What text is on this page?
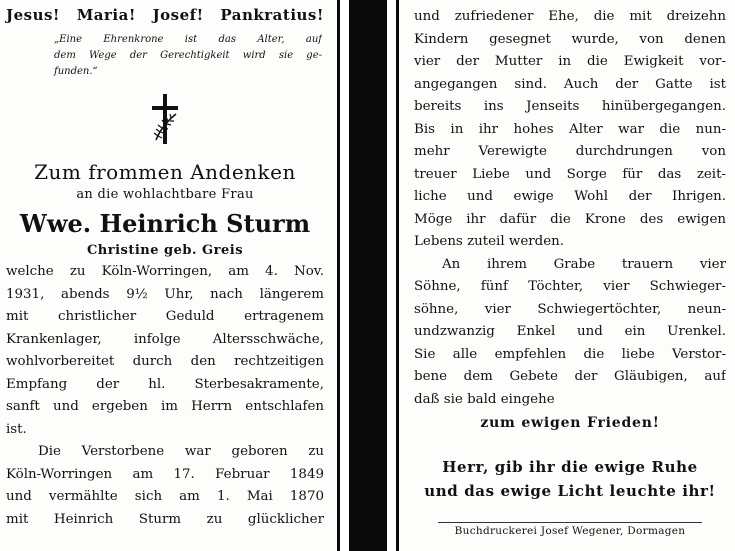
Jesus! Maria! Josef! Pankratius!
„Eine Ehrenkrone ist das Alter, auf
dem Wege der Gerechtigkeit wird sie ge-
funden.“
Zum frommen Andenken
an die wohlachtbare Frau
Wwe. Heinrich Sturm
Christine geb. Greis
welche zu Köln-Worringen, am 4. Nov.
1931, abends 9½ Uhr, nach längerem
mit christlicher Geduld ertragenem
Krankenlager, infolge Altersschwäche,
wohlvorbereitet durch den rechtzeitigen
Empfang der hl. Sterbesakramente,
sanft und ergeben im Herrn entschlafen
ist.
Die Verstorbene war geboren zu
Köln-Worringen am 17. Februar 1849
und vermählte sich am 1. Mai 1870
mit Heinrich Sturm zu glücklicher
und zufriedener Ehe, die mit dreizehn
Kindern gesegnet wurde, von denen
vier der Mutter in die Ewigkeit vor-
angegangen sind. Auch der Gatte ist
bereits ins Jenseits hinübergegangen.
Bis in ihr hohes Alter war die nun-
mehr Verewigte durchdrungen von
treuer Liebe und Sorge für das zeit-
liche und ewige Wohl der Ihrigen.
Möge ihr dafür die Krone des ewigen
Lebens zuteil werden.
An ihrem Grabe trauern vier
Söhne, fünf Töchter, vier Schwieger-
söhne, vier Schwiegertöchter, neun-
undzwanzig Enkel und ein Urenkel.
Sie alle empfehlen die liebe Verstor-
bene dem Gebete der Gläubigen, auf
daß sie bald eingehe
zum ewigen Frieden!
Herr, gib ihr die ewige Ruhe
und das ewige Licht leuchte ihr!
Buchdruckerei Josef Wegener, Dormagen
